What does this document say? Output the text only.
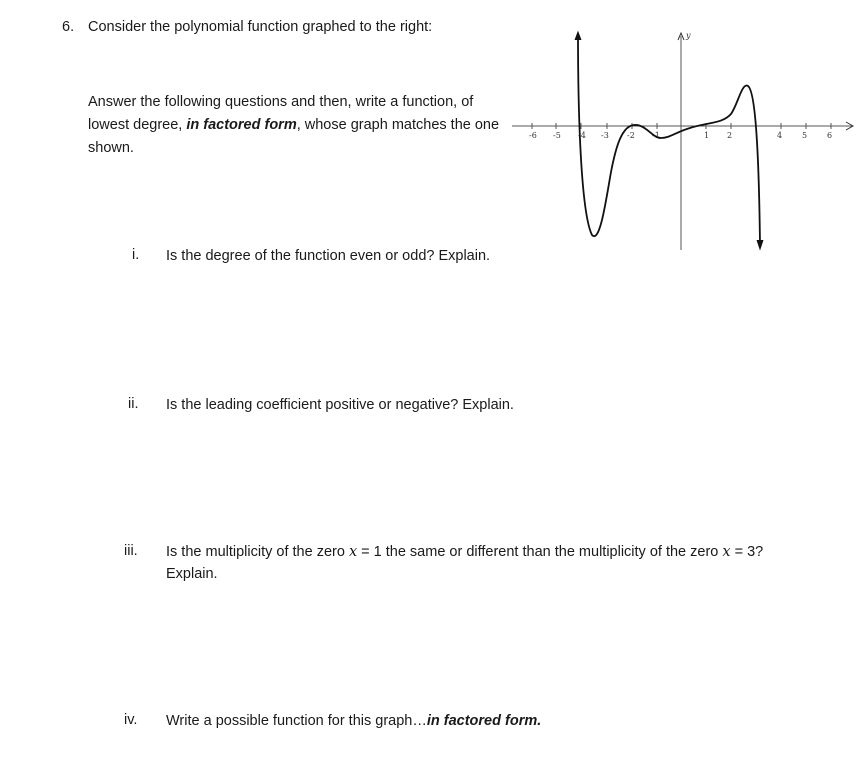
6. Consider the polynomial function graphed to the right:
Answer the following questions and then, write a function, of lowest degree, in factored form, whose graph matches the one shown.
y
-6 -5 -4 -3 -2 -1	1 2	4 5 6
i. Is the degree of the function even or odd? Explain.
ii. Is the leading coefficient positive or negative? Explain.
iii. Is the multiplicity of the zero x = 1 the same or different than the multiplicity of the zero x = 3?
Explain.
iv. Write a possible function for this graph…in factored form.
